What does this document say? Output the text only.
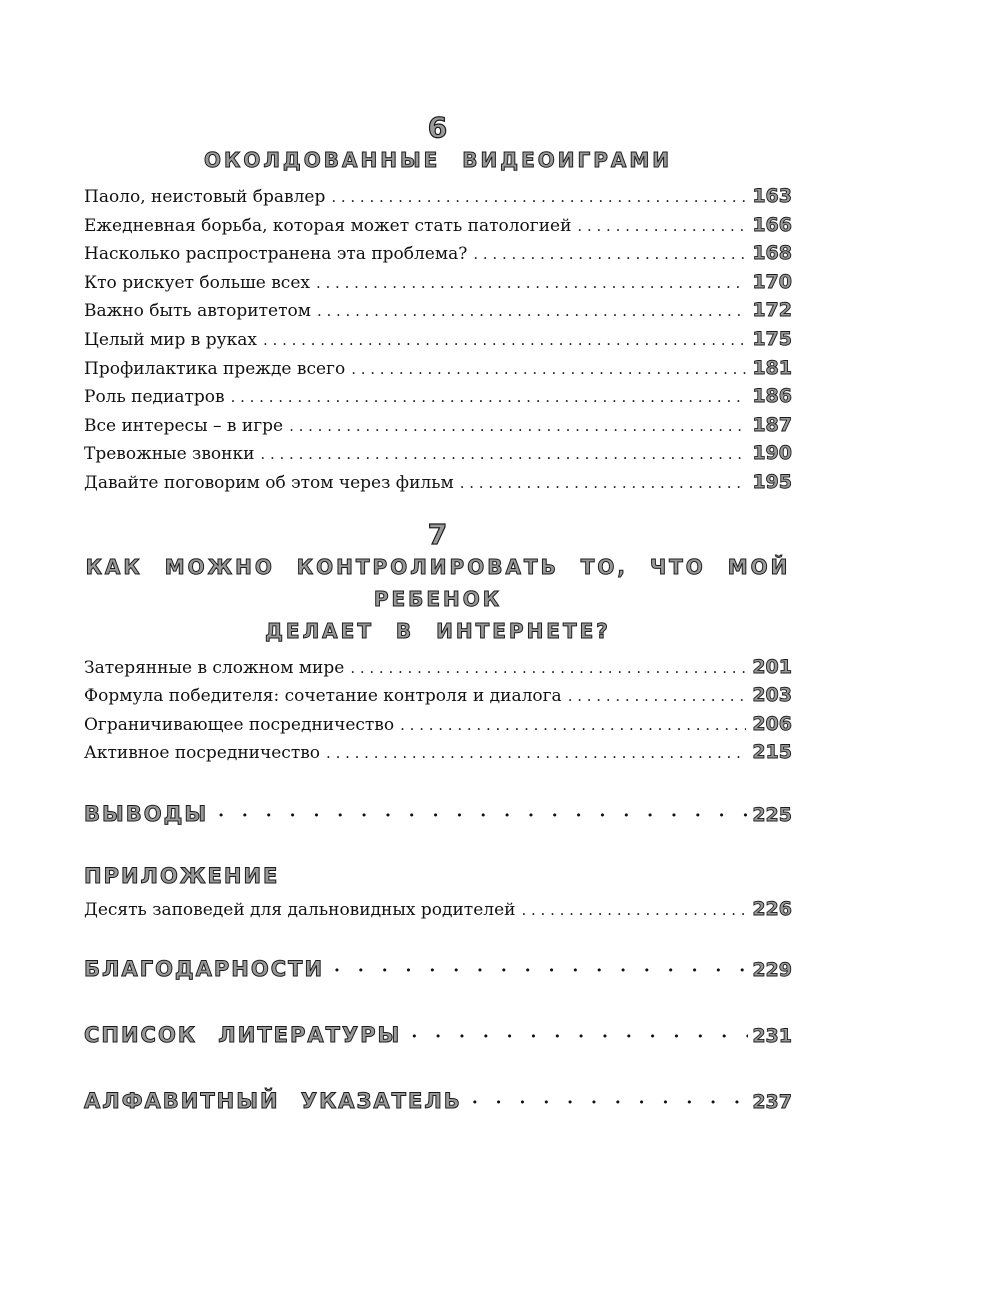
6
ОКОЛДОВАННЫЕ ВИДЕОИГРАМИ
Паоло, неистовый бравлер . . .	163
Ежедневная борьба, которая может стать патологией . . .	166
Насколько распространена эта проблема? . . .	168
Кто рискует больше всех . . .	170
Важно быть авторитетом . . .	172
Целый мир в руках . . .	175
Профилактика прежде всего . . .	181
Роль педиатров . . .	186
Все интересы – в игре . . .	187
Тревожные звонки . . .	190
Давайте поговорим об этом через фильм . . .	195
7
КАК МОЖНО КОНТРОЛИРОВАТЬ ТО, ЧТО МОЙ РЕБЕНОК
ДЕЛАЕТ В ИНТЕРНЕТЕ?
Затерянные в сложном мире . . .	201
Формула победителя: сочетание контроля и диалога . . .	203
Ограничивающее посредничество . . .	206
Активное посредничество . . .	215
ВЫВОДЫ · · ·	225
ПРИЛОЖЕНИЕ
Десять заповедей для дальновидных родителей . . .	226
БЛАГОДАРНОСТИ · · ·	229
СПИСОК ЛИТЕРАТУРЫ · · ·	231
АЛФАВИТНЫЙ УКАЗАТЕЛЬ · · ·	237
